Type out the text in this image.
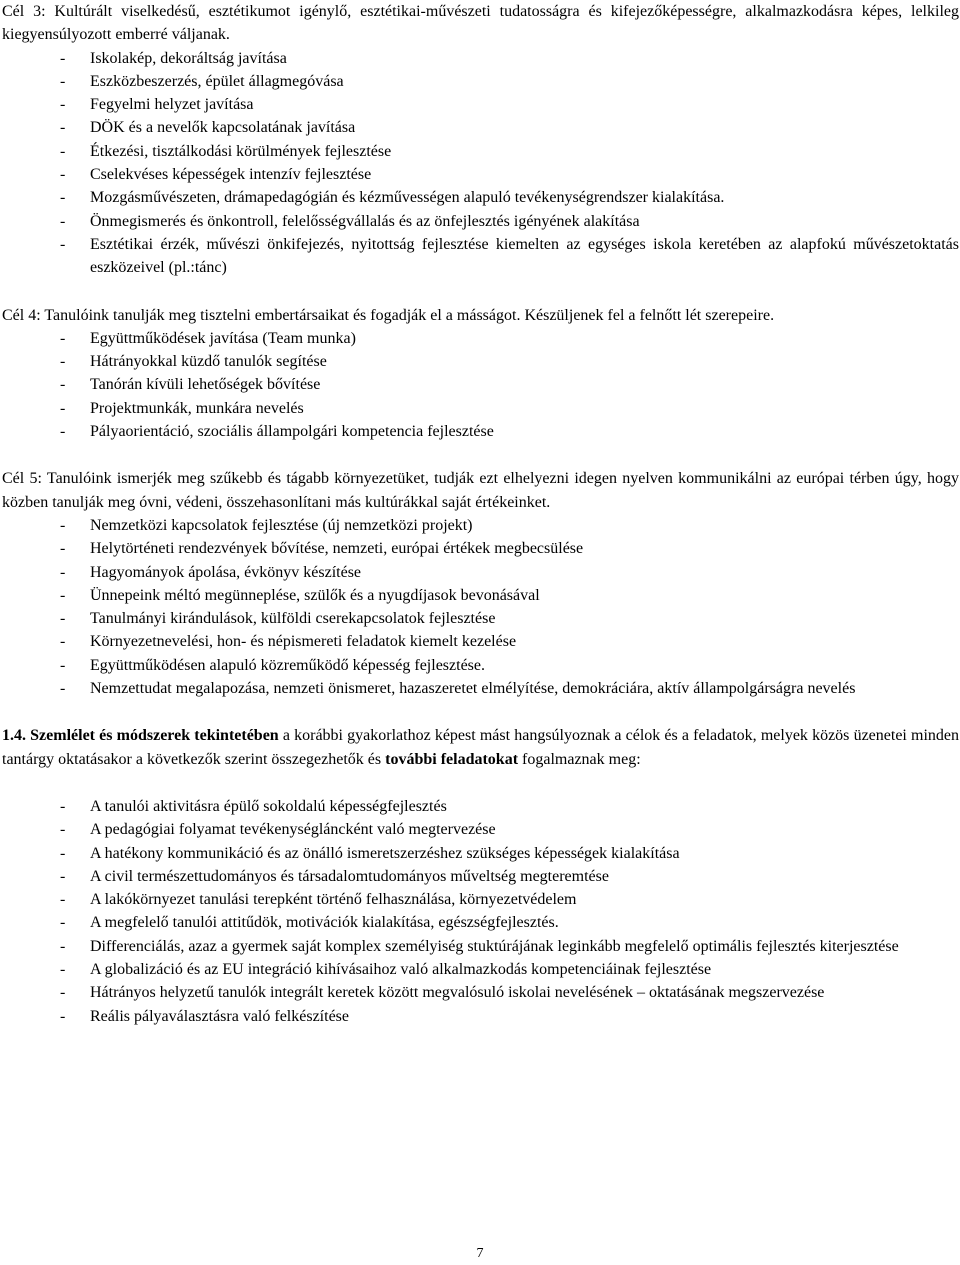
Cél 3: Kultúrált viselkedésű, esztétikumot igénylő, esztétikai-művészeti tudatosságra és kifejezőképességre, alkalmazkodásra képes, lelkileg kiegyensúlyozott emberré váljanak.
- Iskolakép, dekoráltság javítása
- Eszközbeszerzés, épület állagmegóvása
- Fegyelmi helyzet javítása
- DÖK és a nevelők kapcsolatának javítása
- Étkezési, tisztálkodási körülmények fejlesztése
- Cselekvéses képességek intenzív fejlesztése
- Mozgásművészeten, drámapedagógián és kézművességen alapuló tevékenységrendszer kialakítása.
- Önmegismerés és önkontroll, felelősségvállalás és az önfejlesztés igényének alakítása
- Esztétikai érzék, művészi önkifejezés, nyitottság fejlesztése kiemelten az egységes iskola keretében az alapfokú művészetoktatás eszközeivel (pl.:tánc)
Cél 4: Tanulóink tanulják meg tisztelni embertársaikat és fogadják el a másságot. Készüljenek fel a felnőtt lét szerepeire.
- Együttműködések javítása (Team munka)
- Hátrányokkal küzdő tanulók segítése
- Tanórán kívüli lehetőségek bővítése
- Projektmunkák, munkára nevelés
- Pályaorientáció, szociális állampolgári kompetencia fejlesztése
Cél 5: Tanulóink ismerjék meg szűkebb és tágabb környezetüket, tudják ezt elhelyezni idegen nyelven kommunikálni az európai térben úgy, hogy közben tanulják meg óvni, védeni, összehasonlítani más kultúrákkal saját értékeinket.
- Nemzetközi kapcsolatok fejlesztése (új nemzetközi projekt)
- Helytörténeti rendezvények bővítése, nemzeti, európai értékek megbecsülése
- Hagyományok ápolása, évkönyv készítése
- Ünnepeink méltó megünneplése, szülők és a nyugdíjasok bevonásával
- Tanulmányi kirándulások, külföldi cserekapcsolatok fejlesztése
- Környezetnevelési, hon- és népismereti feladatok kiemelt kezelése
- Együttműködésen alapuló közreműködő képesség fejlesztése.
- Nemzettudat megalapozása, nemzeti önismeret, hazaszeretet elmélyítése, demokráciára, aktív állampolgárságra nevelés
1.4. Szemlélet és módszerek tekintetében a korábbi gyakorlathoz képest mást hangsúlyoznak a célok és a feladatok, melyek közös üzenetei minden tantárgy oktatásakor a következők szerint összegezhetők és további feladatokat fogalmaznak meg:
- A tanulói aktivitásra épülő sokoldalú képességfejlesztés
- A pedagógiai folyamat tevékenységláncként való megtervezése
- A hatékony kommunikáció és az önálló ismeretszerzéshez szükséges képességek kialakítása
- A civil természettudományos és társadalomtudományos műveltség megteremtése
- A lakókörnyezet tanulási terepként történő felhasználása, környezetvédelem
- A megfelelő tanulói attitűdök, motivációk kialakítása, egészségfejlesztés.
- Differenciálás, azaz a gyermek saját komplex személyiség stuktúrájának leginkább megfelelő optimális fejlesztés kiterjesztése
- A globalizáció és az EU integráció kihívásaihoz való alkalmazkodás kompetenciáinak fejlesztése
- Hátrányos helyzetű tanulók integrált keretek között megvalósuló iskolai nevelésének – oktatásának megszervezése
- Reális pályaválasztásra való felkészítése
7
